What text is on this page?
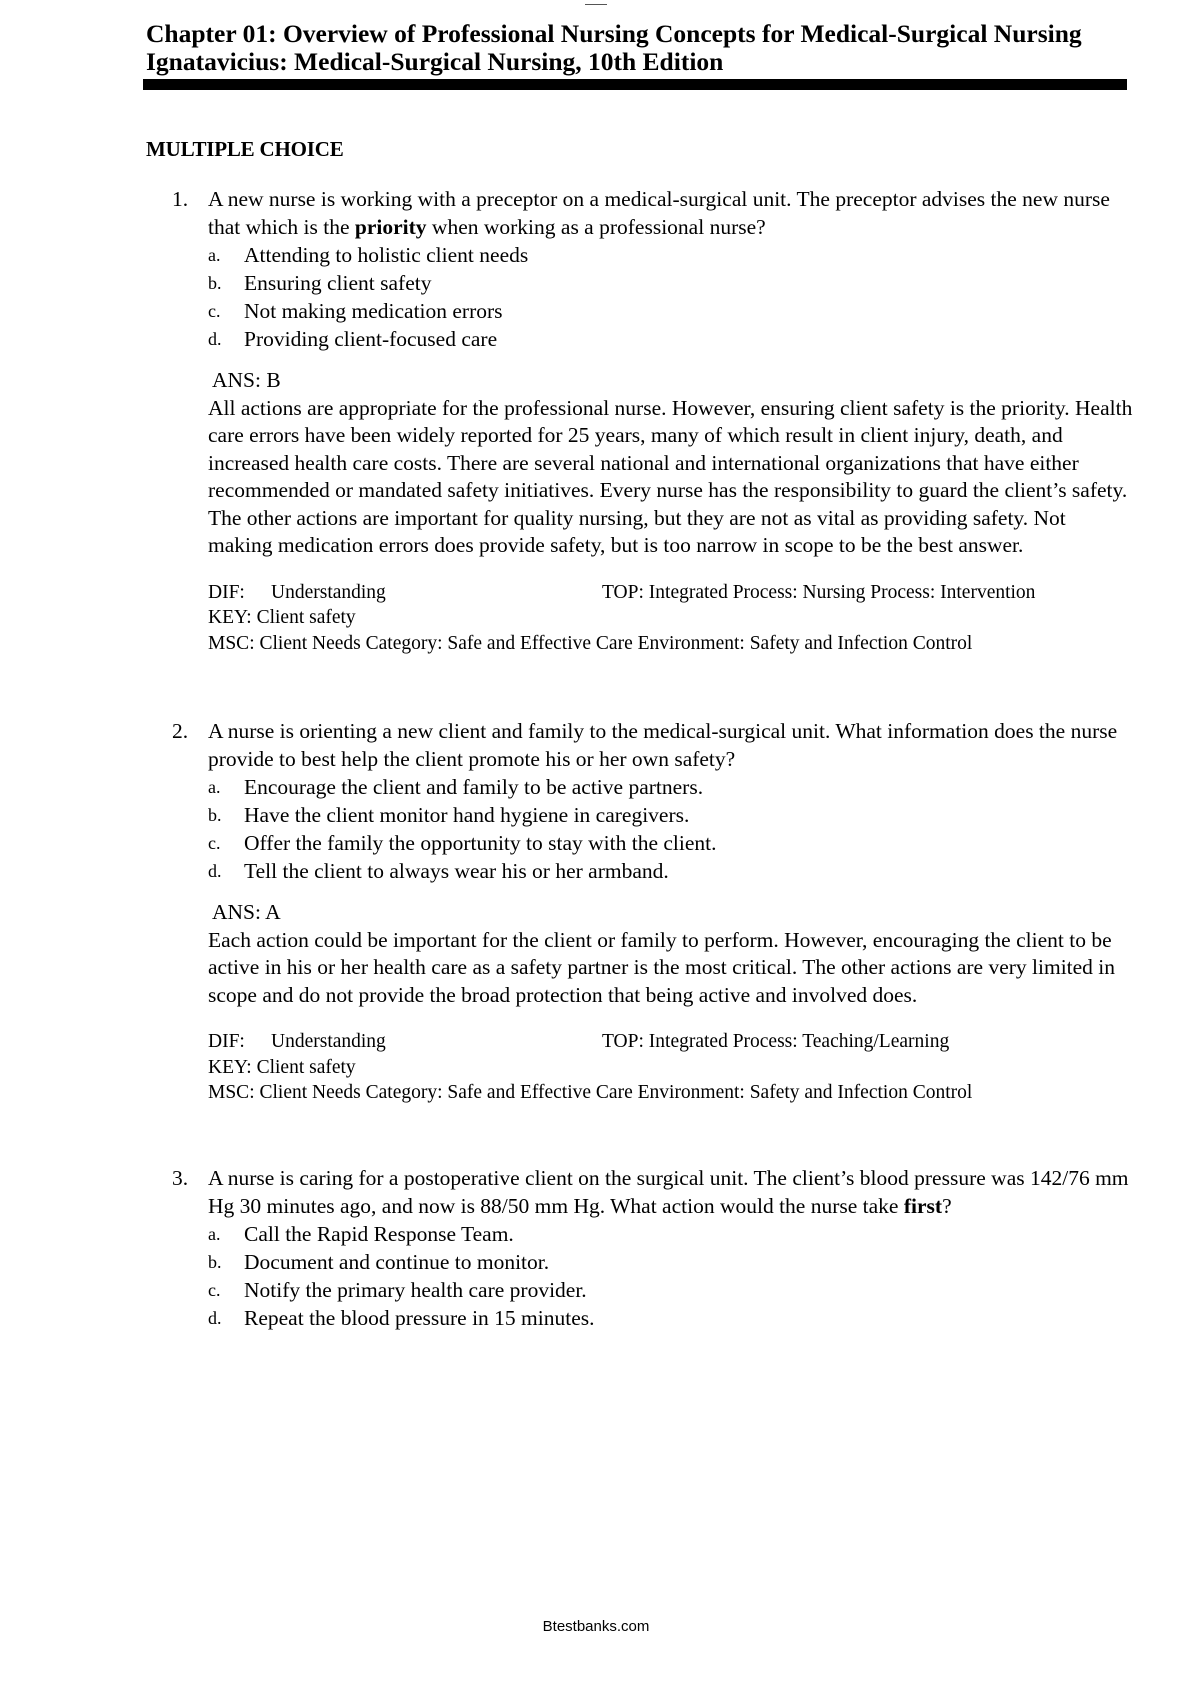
Chapter 01: Overview of Professional Nursing Concepts for Medical-Surgical Nursing
Ignatavicius: Medical-Surgical Nursing, 10th Edition
MULTIPLE CHOICE
1. A new nurse is working with a preceptor on a medical-surgical unit. The preceptor advises the new nurse that which is the priority when working as a professional nurse?
a.	Attending to holistic client needs
b.	Ensuring client safety
c.	Not making medication errors
d.	Providing client-focused care
ANS: B
All actions are appropriate for the professional nurse. However, ensuring client safety is the priority. Health care errors have been widely reported for 25 years, many of which result in client injury, death, and increased health care costs. There are several national and international organizations that have either recommended or mandated safety initiatives. Every nurse has the responsibility to guard the client’s safety. The other actions are important for quality nursing, but they are not as vital as providing safety. Not making medication errors does provide safety, but is too narrow in scope to be the best answer.
DIF:	Understanding	TOP: Integrated Process: Nursing Process: Intervention
KEY: Client safety
MSC: Client Needs Category: Safe and Effective Care Environment: Safety and Infection Control
2. A nurse is orienting a new client and family to the medical-surgical unit. What information does the nurse provide to best help the client promote his or her own safety?
a.	Encourage the client and family to be active partners.
b.	Have the client monitor hand hygiene in caregivers.
c.	Offer the family the opportunity to stay with the client.
d.	Tell the client to always wear his or her armband.
ANS: A
Each action could be important for the client or family to perform. However, encouraging the client to be active in his or her health care as a safety partner is the most critical. The other actions are very limited in scope and do not provide the broad protection that being active and involved does.
DIF:	Understanding	TOP: Integrated Process: Teaching/Learning
KEY: Client safety
MSC: Client Needs Category: Safe and Effective Care Environment: Safety and Infection Control
3. A nurse is caring for a postoperative client on the surgical unit. The client’s blood pressure was 142/76 mm Hg 30 minutes ago, and now is 88/50 mm Hg. What action would the nurse take first?
a.	Call the Rapid Response Team.
b.	Document and continue to monitor.
c.	Notify the primary health care provider.
d.	Repeat the blood pressure in 15 minutes.
Btestbanks.com
